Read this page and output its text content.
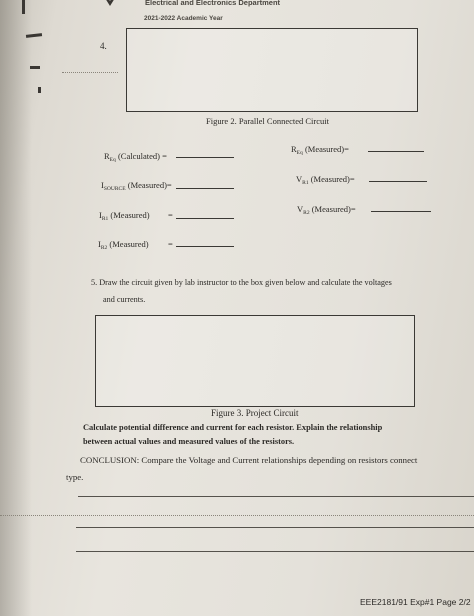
Electrical and Electronics Department
2021-2022 Academic Year
4.
Figure 2. Parallel Connected Circuit
$R_{Eq}$ (Calculated) =
$I_{SOURCE}$ (Measured)=
$I_{R1}$ (Measured) =
$I_{R2}$ (Measured) =
$R_{Eq}$ (Measured)=
$V_{R1}$ (Measured)=
$V_{R2}$ (Measured)=
5. Draw the circuit given by lab instructor to the box given below and calculate the voltages
and currents.
Figure 3. Project Circuit
Calculate potential difference and current for each resistor. Explain the relationship
between actual values and measured values of the resistors.
CONCLUSION: Compare the Voltage and Current relationships depending on resistors connect
type.
EEE2181/91 Exp#1 Page 2/2
